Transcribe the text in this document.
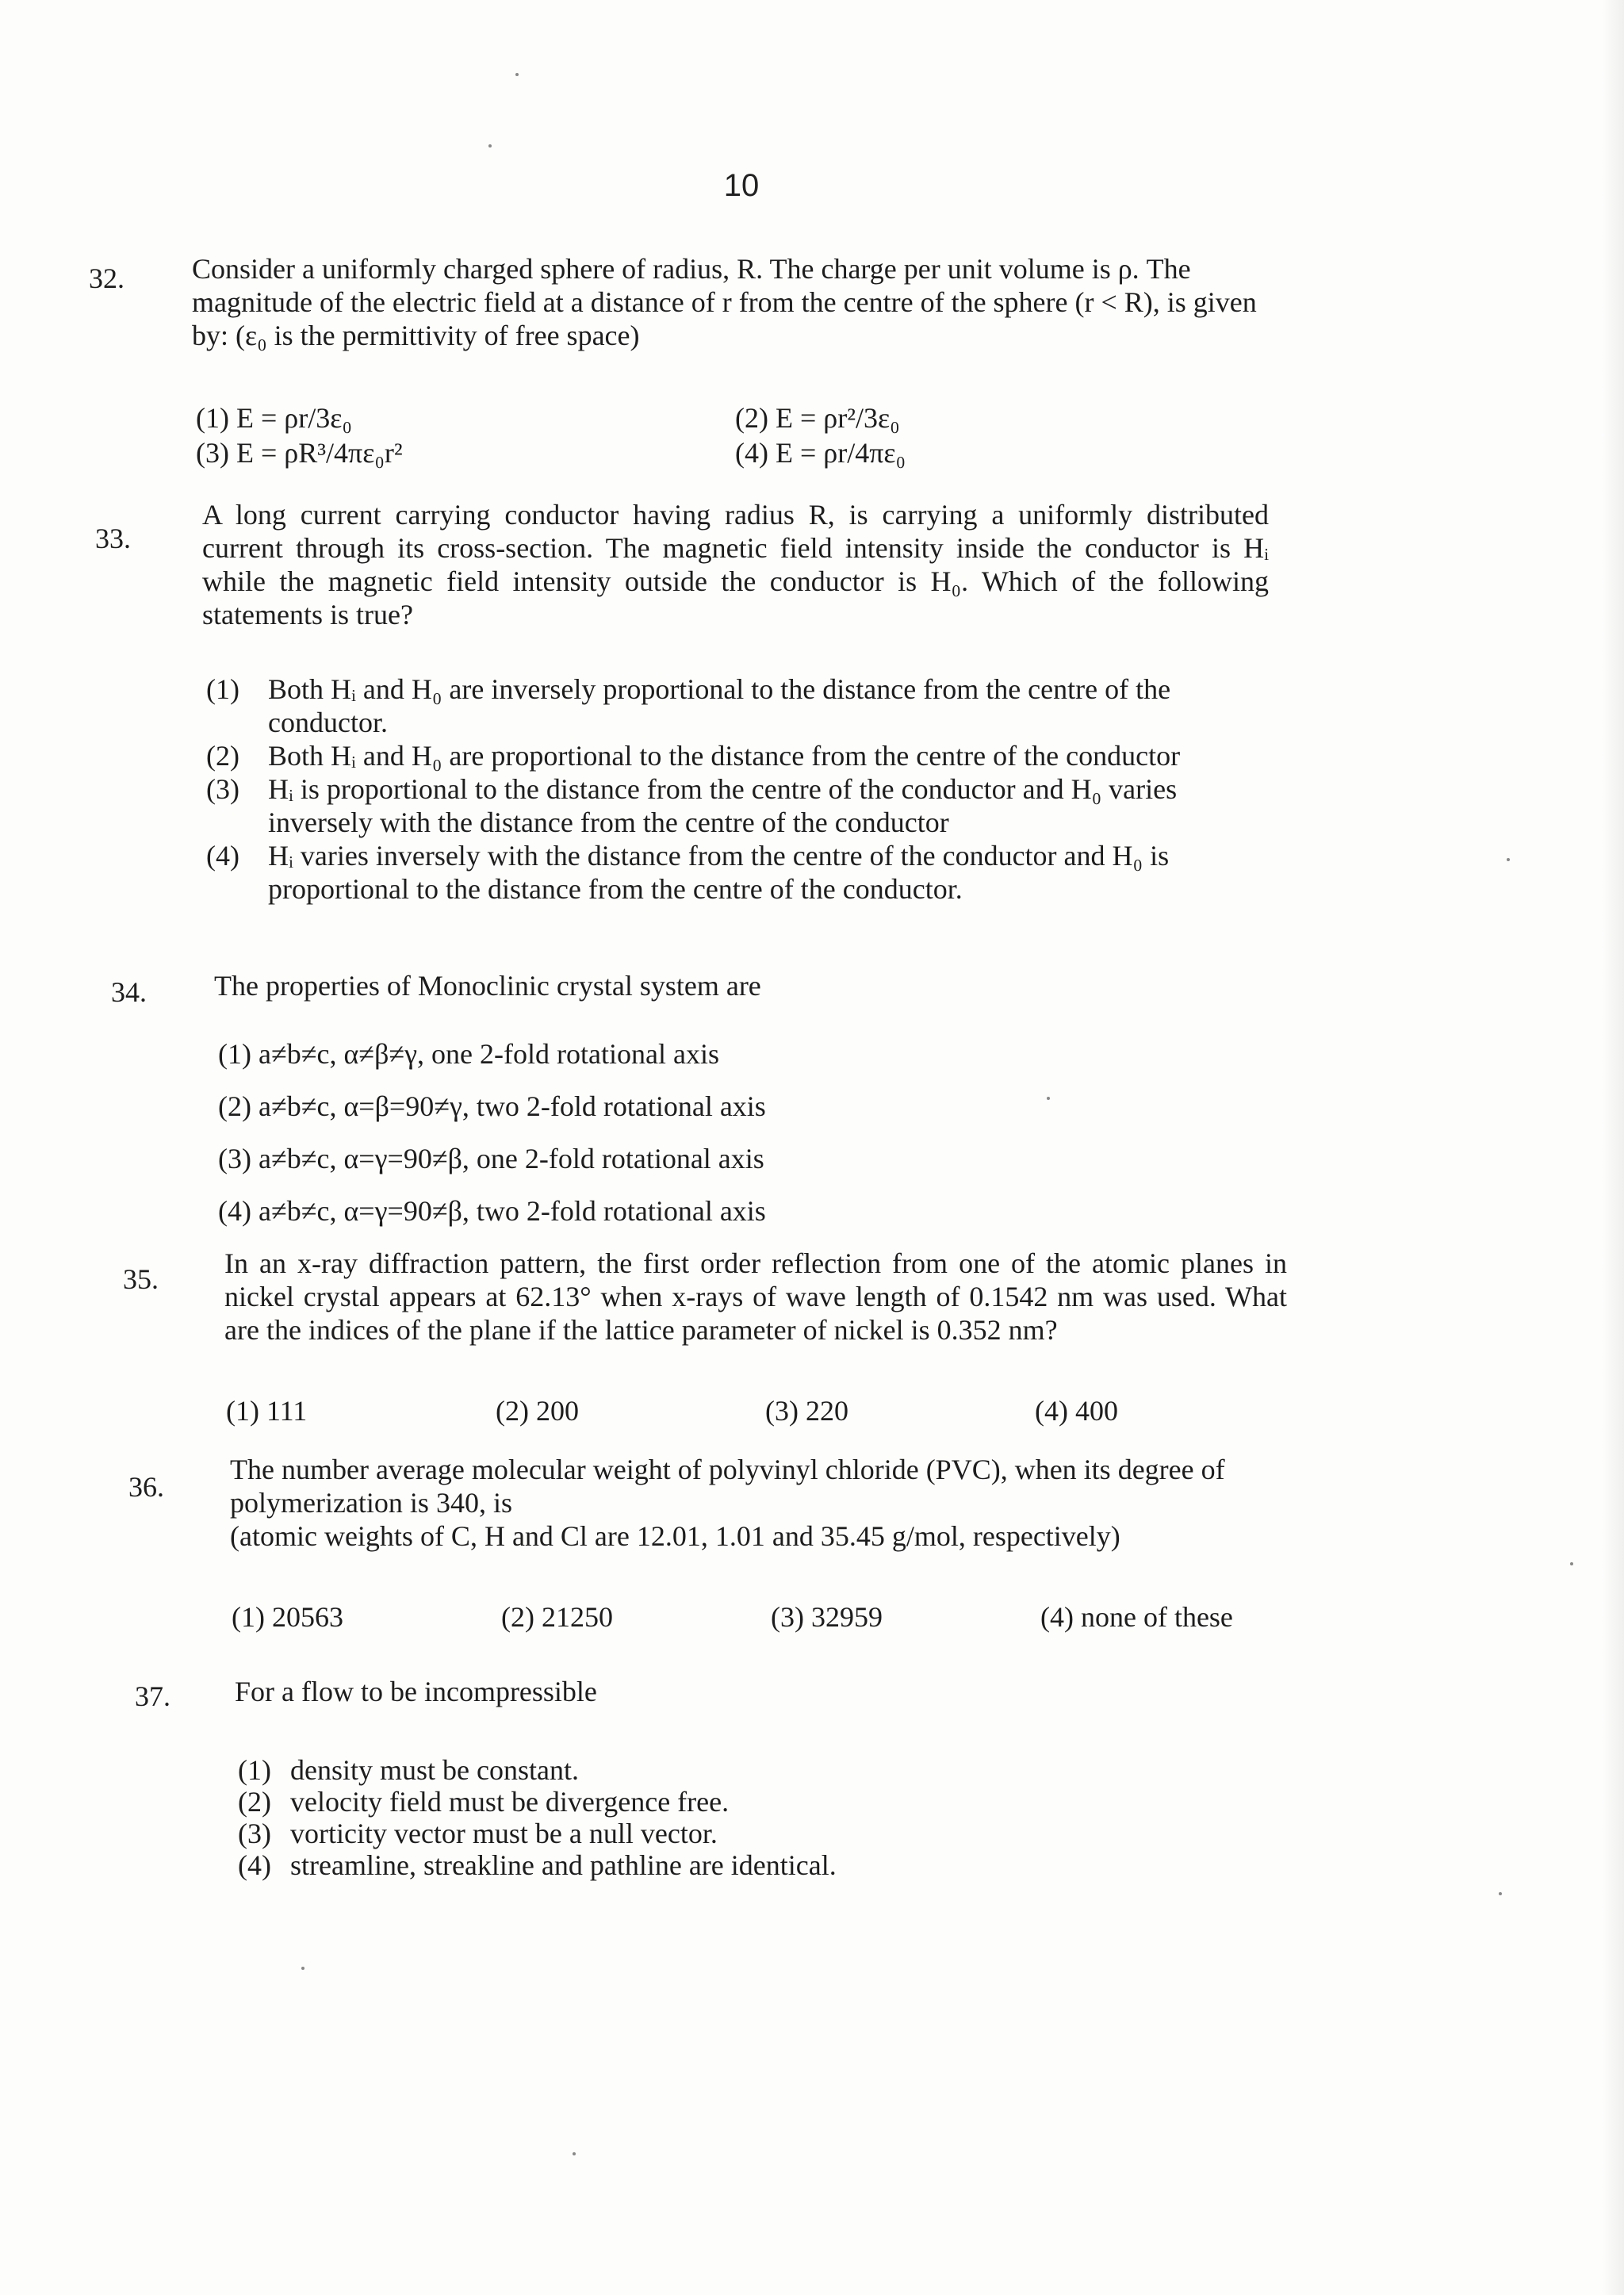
10
32.	Consider a uniformly charged sphere of radius, R. The charge per unit volume is ρ. The magnitude of the electric field at a distance of r from the centre of the sphere (r < R), is given by: (ε₀ is the permittivity of free space)
(1) E = ρr/3ε₀	(2) E = ρr²/3ε₀
(3) E = ρR³/4πε₀r²	(4) E = ρr/4πε₀
33.
A long current carrying conductor having radius R, is carrying a uniformly distributed current through its cross-section. The magnetic field intensity inside the conductor is Hᵢ while the magnetic field intensity outside the conductor is H₀. Which of the following statements is true?
(1) Both Hᵢ and H₀ are inversely proportional to the distance from the centre of the conductor.
(2) Both Hᵢ and H₀ are proportional to the distance from the centre of the conductor
(3) Hᵢ is proportional to the distance from the centre of the conductor and H₀ varies inversely with the distance from the centre of the conductor
(4) Hᵢ varies inversely with the distance from the centre of the conductor and H₀ is proportional to the distance from the centre of the conductor.
34.	The properties of Monoclinic crystal system are
(1) a≠b≠c, α≠β≠γ, one 2-fold rotational axis
(2) a≠b≠c, α=β=90≠γ, two 2-fold rotational axis
(3) a≠b≠c, α=γ=90≠β, one 2-fold rotational axis
(4) a≠b≠c, α=γ=90≠β, two 2-fold rotational axis
35.	In an x-ray diffraction pattern, the first order reflection from one of the atomic planes in nickel crystal appears at 62.13° when x-rays of wave length of 0.1542 nm was used. What are the indices of the plane if the lattice parameter of nickel is 0.352 nm?
(1) 111	(2) 200	(3) 220	(4) 400
36.
The number average molecular weight of polyvinyl chloride (PVC), when its degree of polymerization is 340, is
(atomic weights of C, H and Cl are 12.01, 1.01 and 35.45 g/mol, respectively)
(1) 20563	(2) 21250	(3) 32959	(4) none of these
37.	For a flow to be incompressible
(1) density must be constant.
(2) velocity field must be divergence free.
(3) vorticity vector must be a null vector.
(4) streamline, streakline and pathline are identical.
